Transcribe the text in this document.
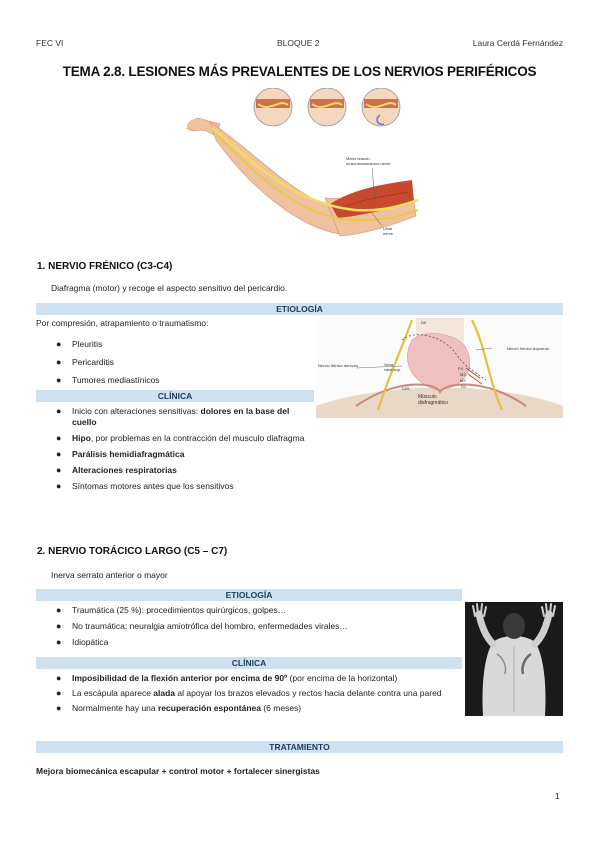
FEC VI	BLOQUE 2	Laura Cerdá Fernández
TEMA 2.8. LESIONES MÁS PREVALENTES DE LOS NERVIOS PERIFÉRICOS
Motor branch
musculocutaneous nerve
Ulnar
nerve
1. NERVIO FRÉNICO (C3-C4)
Diafragma (motor) y recoge el aspecto sensitivo del pericardio.
ETIOLOGÍA
Por compresión, atrapamiento o traumatismo:
● Pleuritis
● Pericarditis
● Tumores mediastínicos
CLÍNICA
● Inicio con alteraciones sensitivas: dolores en la base del cuello
● Hipo, por problemas en la contracción del musculo diafragma
● Parálisis hemidiafragmática
● Alteraciones respiratorias
● Síntomas motores antes que los sensitivos
Nervio frénico derecho
Nervio frénico izquierdo
Vena
cava sup.
Músculo
diafragmático
D0
P4
M3
M2
D1
D05
2. NERVIO TORÁCICO LARGO (C5 – C7)
Inerva serrato anterior o mayor
ETIOLOGÍA
● Traumática (25 %): procedimientos quirúrgicos, golpes…
● No traumática: neuralgia amiotrófica del hombro, enfermedades virales…
● Idiopática
CLÍNICA
● Imposibilidad de la flexión anterior por encima de 90º (por encima de la horizontal)
● La escápula aparece alada al apoyar los brazos elevados y rectos hacia delante contra una pared
● Normalmente hay una recuperación espontánea (6 meses)
TRATAMIENTO
Mejora biomecánica escapular + control motor + fortalecer sinergistas
1
